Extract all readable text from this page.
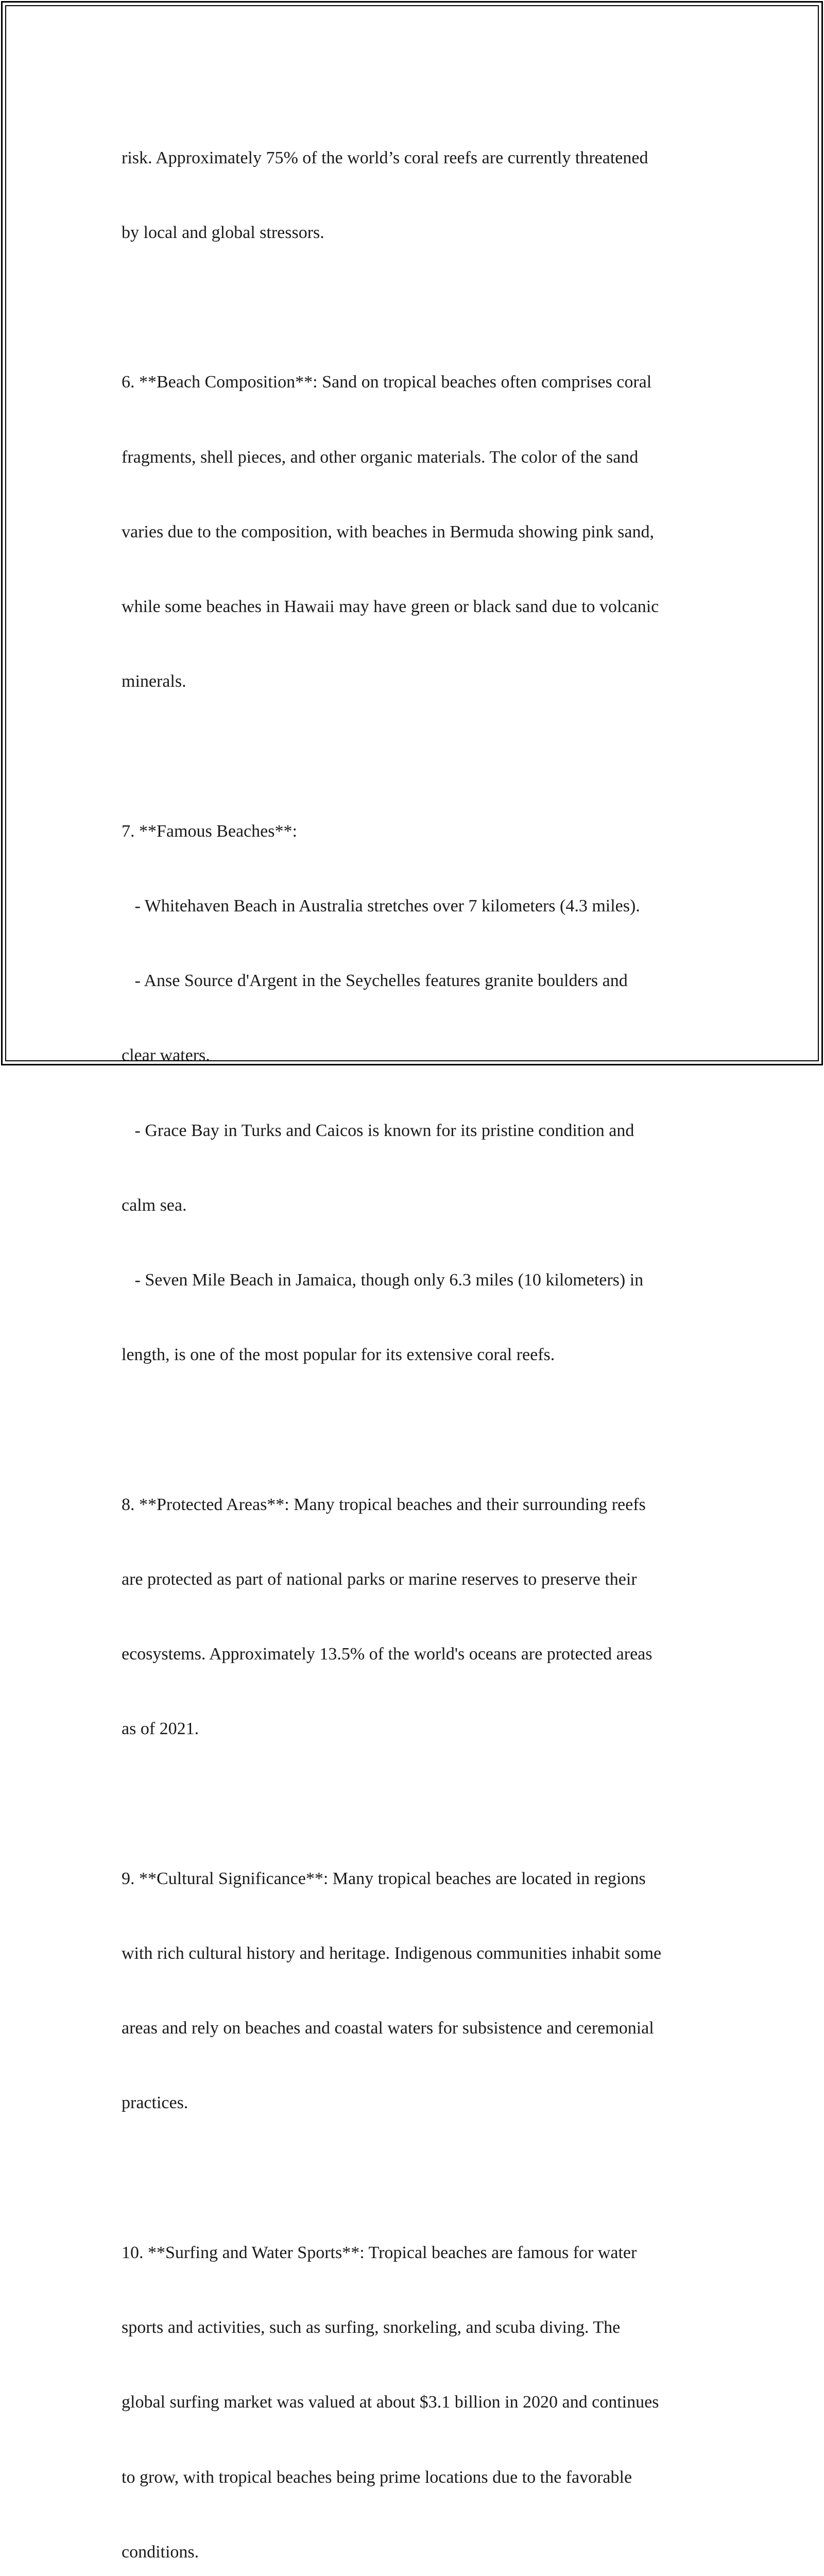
risk. Approximately 75% of the world’s coral reefs are currently threatened

by local and global stressors.

6. **Beach Composition**: Sand on tropical beaches often comprises coral

fragments, shell pieces, and other organic materials. The color of the sand

varies due to the composition, with beaches in Bermuda showing pink sand,

while some beaches in Hawaii may have green or black sand due to volcanic

minerals.

7. **Famous Beaches**:

- Whitehaven Beach in Australia stretches over 7 kilometers (4.3 miles).

- Anse Source d'Argent in the Seychelles features granite boulders and

clear waters.

- Grace Bay in Turks and Caicos is known for its pristine condition and

calm sea.

- Seven Mile Beach in Jamaica, though only 6.3 miles (10 kilometers) in

length, is one of the most popular for its extensive coral reefs.

8. **Protected Areas**: Many tropical beaches and their surrounding reefs

are protected as part of national parks or marine reserves to preserve their

ecosystems. Approximately 13.5% of the world's oceans are protected areas

as of 2021.

9. **Cultural Significance**: Many tropical beaches are located in regions

with rich cultural history and heritage. Indigenous communities inhabit some

areas and rely on beaches and coastal waters for subsistence and ceremonial

practices.

10. **Surfing and Water Sports**: Tropical beaches are famous for water

sports and activities, such as surfing, snorkeling, and scuba diving. The

global surfing market was valued at about $3.1 billion in 2020 and continues

to grow, with tropical beaches being prime locations due to the favorable

conditions.
